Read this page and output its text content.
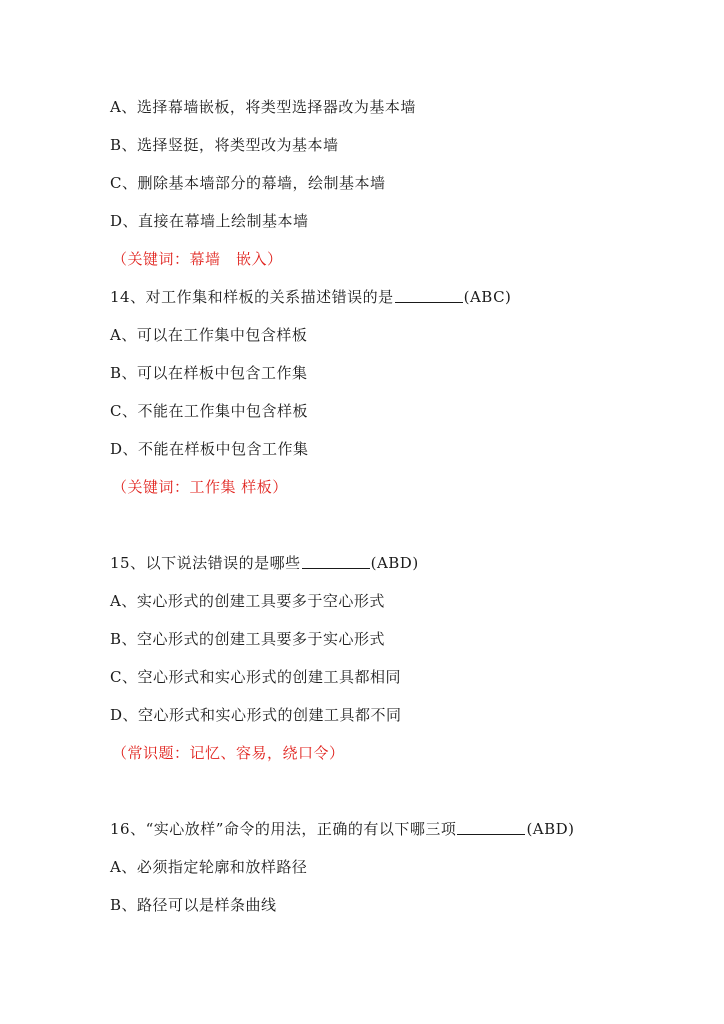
A、选择幕墙嵌板，将类型选择器改为基本墙
B、选择竖挺，将类型改为基本墙
C、删除基本墙部分的幕墙，绘制基本墙
D、直接在幕墙上绘制基本墙
（关键词：幕墙　嵌入）
14、对工作集和样板的关系描述错误的是	(ABC)
A、可以在工作集中包含样板
B、可以在样板中包含工作集
C、不能在工作集中包含样板
D、不能在样板中包含工作集
（关键词：工作集 样板）
15、以下说法错误的是哪些	(ABD)
A、实心形式的创建工具要多于空心形式
B、空心形式的创建工具要多于实心形式
C、空心形式和实心形式的创建工具都相同
D、空心形式和实心形式的创建工具都不同
（常识题：记忆、容易，绕口令）
16、“实心放样”命令的用法，正确的有以下哪三项	(ABD)
A、必须指定轮廓和放样路径
B、路径可以是样条曲线
